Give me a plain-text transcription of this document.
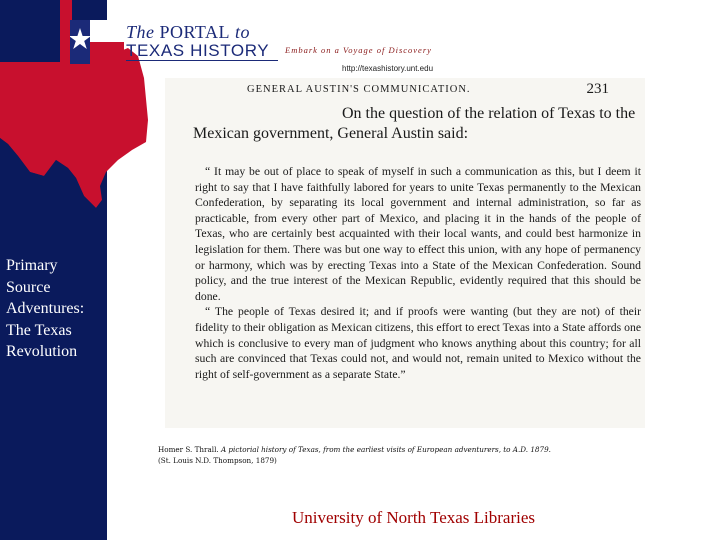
Primary
Source
Adventures:
The Texas
Revolution
The PORTAL to
TEXAS HISTORY Embark on a Voyage of Discovery
http://texashistory.unt.edu
GENERAL AUSTIN'S COMMUNICATION.	231
On the question of the relation of Texas to the Mexican government, General Austin said:

“ It may be out of place to speak of myself in such a communication as this, but I deem it right to say that I have faithfully labored for years to unite Texas permanently to the Mexican Confederation, by separating its local government and internal administration, so far as practicable, from every other part of Mexico, and placing it in the hands of the people of Texas, who are certainly best acquainted with their local wants, and could best harmonize in legislation for them. There was but one way to effect this union, with any hope of permanency or harmony, which was by erecting Texas into a State of the Mexican Confederation. Sound policy, and the true interest of the Mexican Republic, evidently required that this should be done.

“ The people of Texas desired it; and if proofs were wanting (but they are not) of their fidelity to their obligation as Mexican citizens, this effort to erect Texas into a State affords one which is conclusive to every man of judgment who knows anything about this country; for all such are convinced that Texas could not, and would not, remain united to Mexico without the right of self-government as a separate State.”

Homer S. Thrall. A pictorial history of Texas, from the earliest visits of European adventurers, to A.D. 1879.
(St. Louis N.D. Thompson, 1879)
University of North Texas Libraries
